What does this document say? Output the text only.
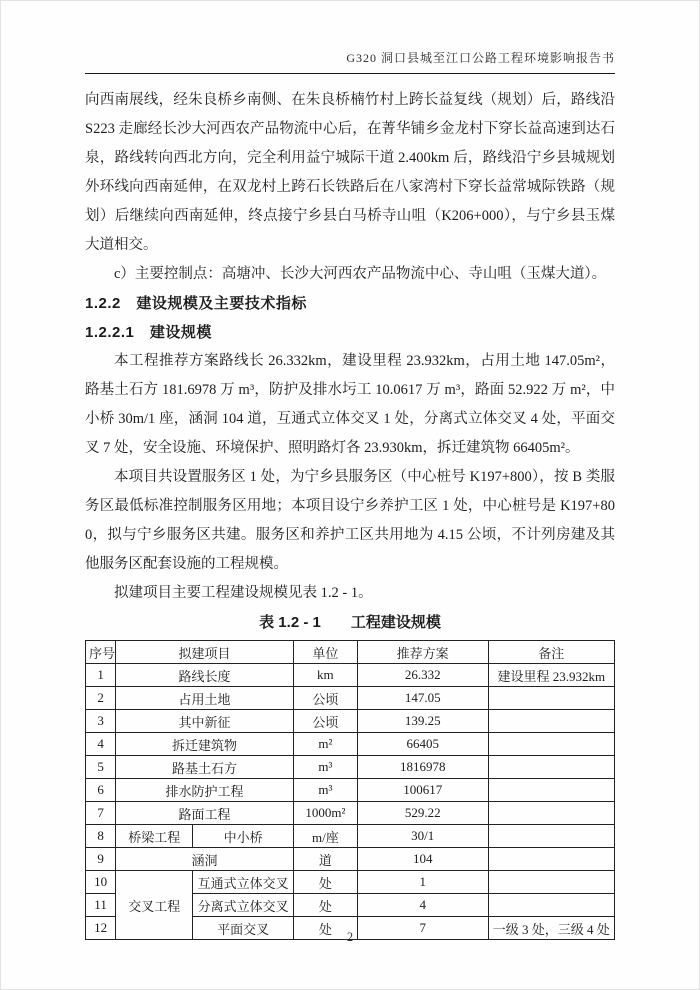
G320 洞口县城至江口公路工程环境影响报告书

向西南展线，经朱良桥乡南侧、在朱良桥楠竹村上跨长益复线（规划）后，路线沿 S223 走廊经长沙大河西农产品物流中心后，在菁华铺乡金龙村下穿长益高速到达石泉，路线转向西北方向，完全利用益宁城际干道 2.400km 后，路线沿宁乡县城规划外环线向西南延伸，在双龙村上跨石长铁路后在八家湾村下穿长益常城际铁路（规划）后继续向西南延伸，终点接宁乡县白马桥寺山咀（K206+000），与宁乡县玉煤大道相交。

c）主要控制点：高塘冲、长沙大河西农产品物流中心、寺山咀（玉煤大道）。

1.2.2　建设规模及主要技术指标

1.2.2.1　建设规模

本工程推荐方案路线长 26.332km，建设里程 23.932km，占用土地 147.05m²，路基土石方 181.6978 万 m³，防护及排水圬工 10.0617 万 m³，路面 52.922 万 m²，中小桥 30m/1 座，涵洞 104 道，互通式立体交叉 1 处，分离式立体交叉 4 处，平面交叉 7 处，安全设施、环境保护、照明路灯各 23.930km，拆迁建筑物 66405m²。

本项目共设置服务区 1 处，为宁乡县服务区（中心桩号 K197+800），按 B 类服务区最低标准控制服务区用地；本项目设宁乡养护工区 1 处，中心桩号是 K197+800，拟与宁乡服务区共建。服务区和养护工区共用地为 4.15 公顷，不计列房建及其他服务区配套设施的工程规模。

拟建项目主要工程建设规模见表 1.2 - 1。

表 1.2 - 1　　工程建设规模

序号	拟建项目		单位	推荐方案	备注
1	路线长度		km	26.332	建设里程 23.932km
2	占用土地		公顷	147.05	
3	其中新征		公顷	139.25	
4	拆迁建筑物		m²	66405	
5	路基土石方		m³	1816978	
6	排水防护工程		m³	100617	
7	路面工程		1000m²	529.22	
8	桥梁工程	中小桥	m/座	30/1	
9	涵洞		道	104	
10	交叉工程	互通式立体交叉	处	1	
11		分离式立体交叉	处	4	
12		平面交叉	处	7	一级 3 处，三级 4 处
2
